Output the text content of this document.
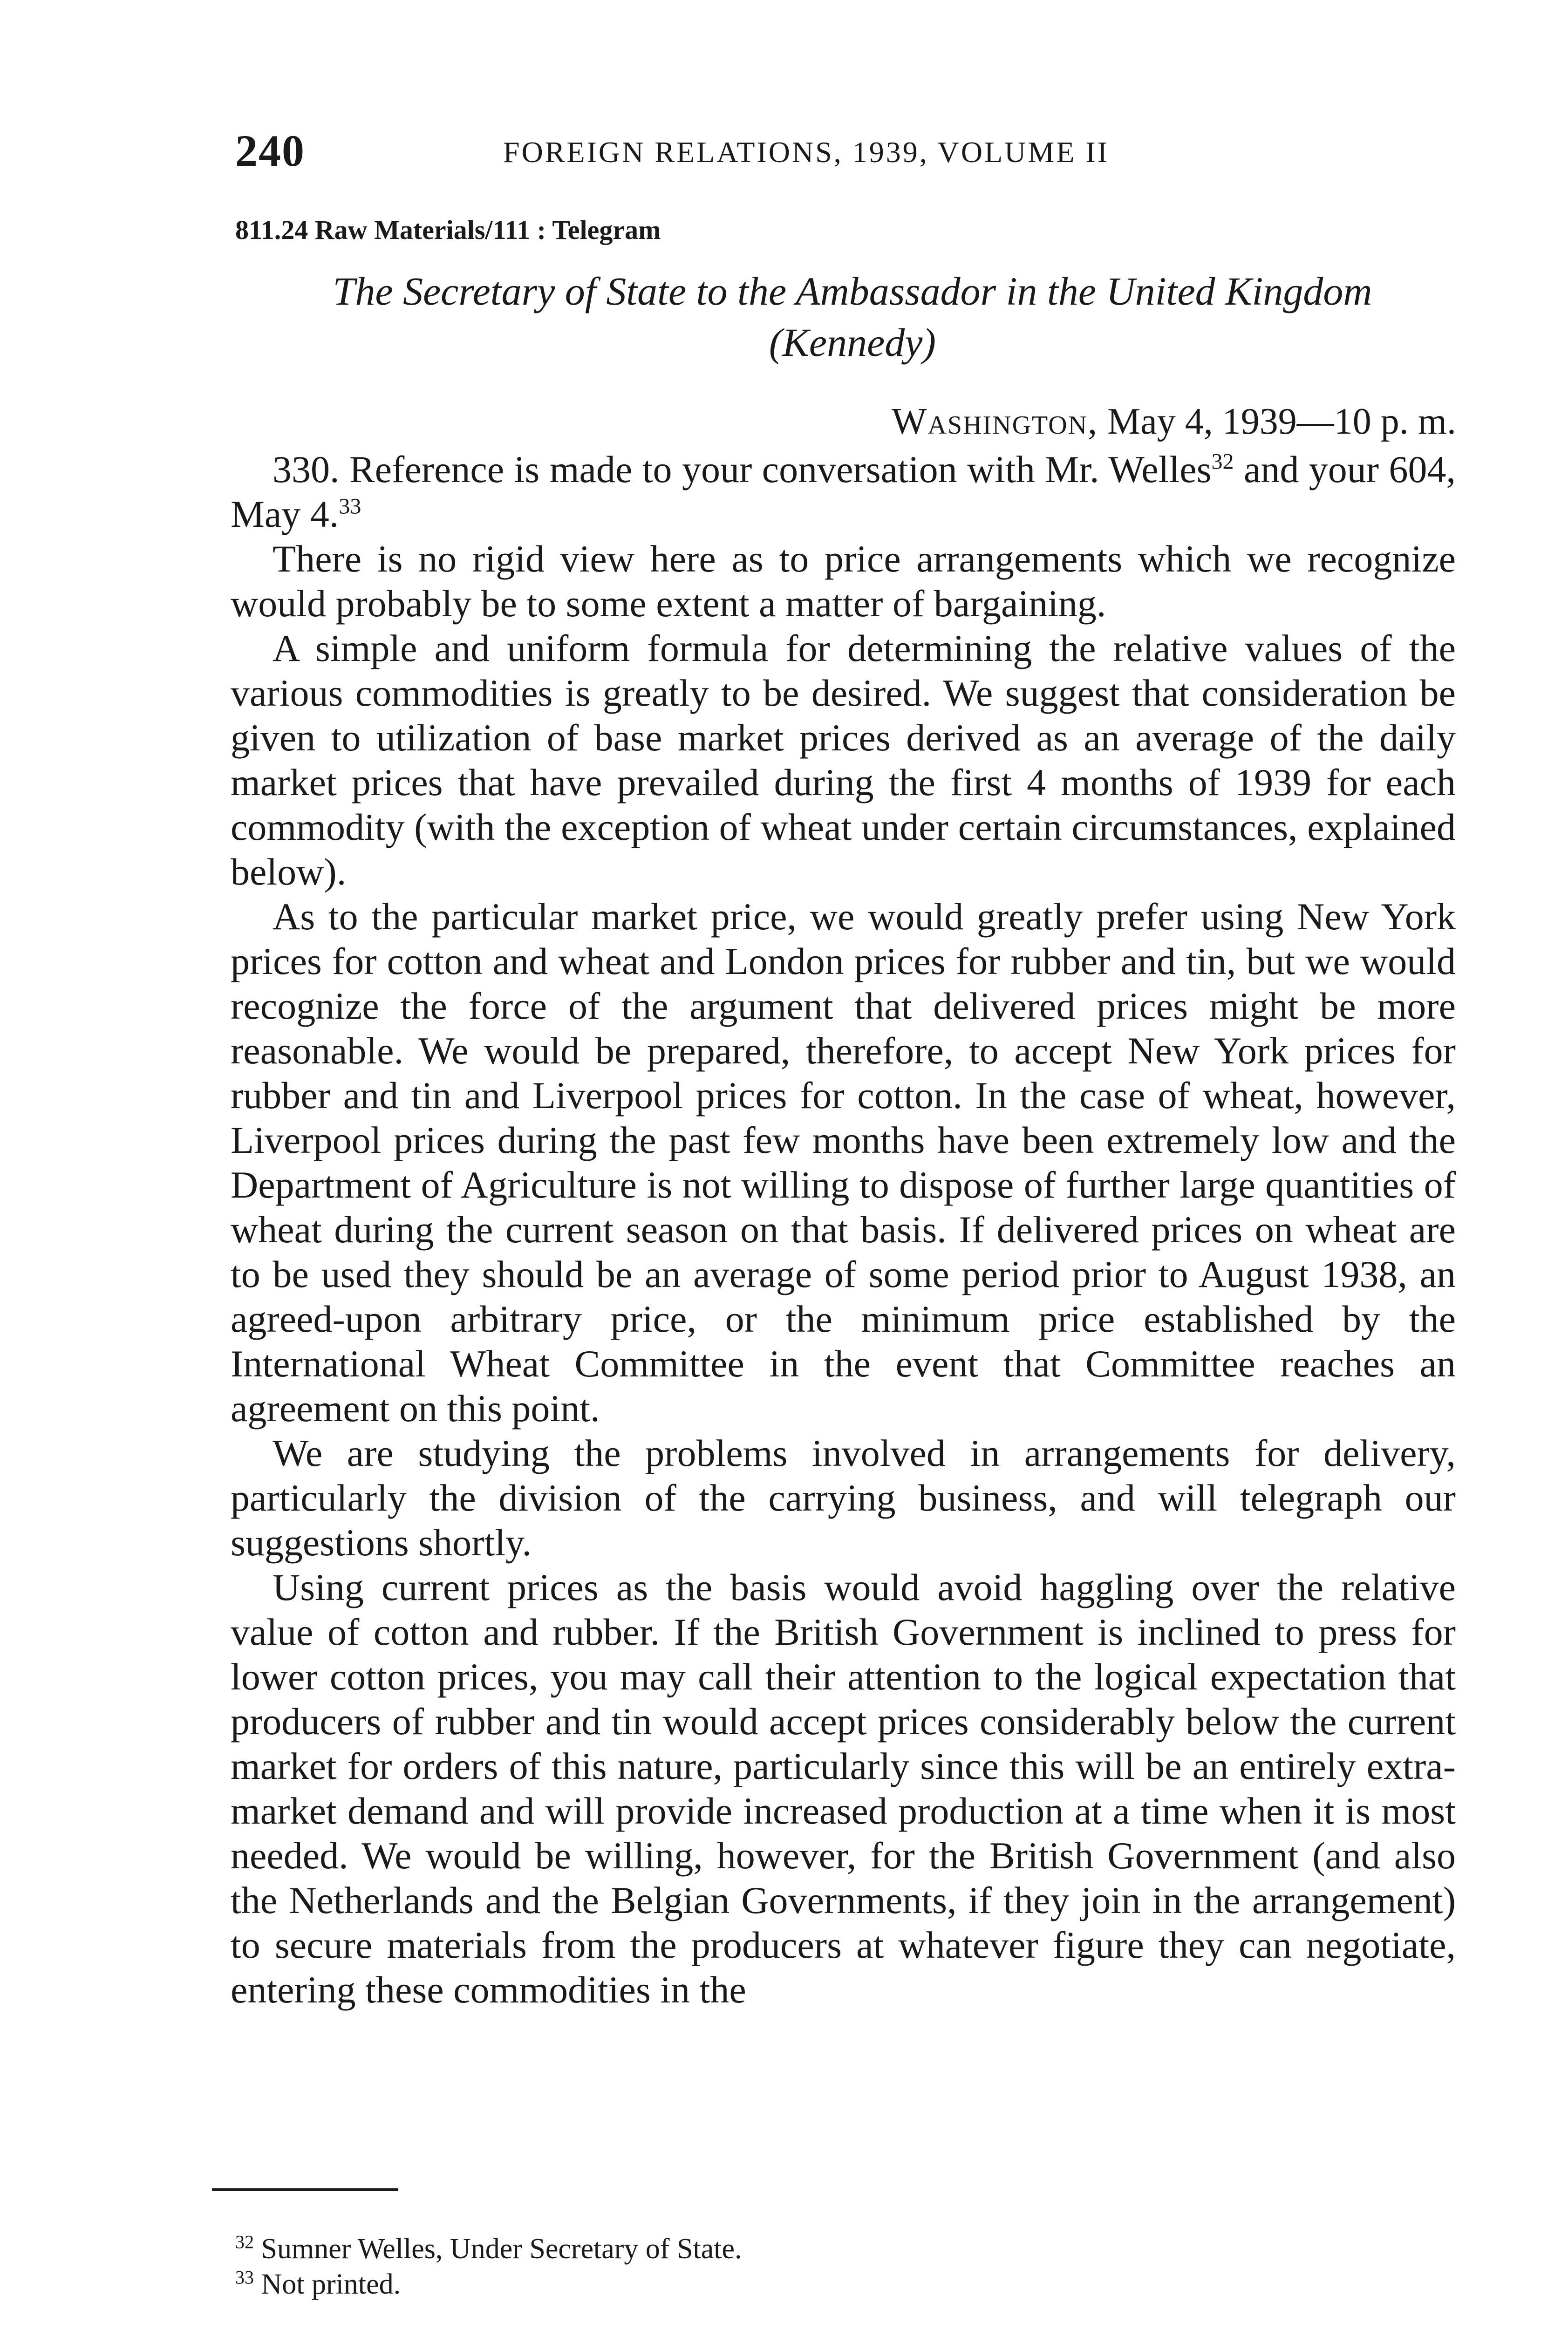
240	FOREIGN RELATIONS, 1939, VOLUME II
811.24 Raw Materials/111 : Telegram
The Secretary of State to the Ambassador in the United Kingdom
(Kennedy)
Washington, May 4, 1939—10 p. m.

330. Reference is made to your conversation with Mr. Welles$^{32}$ and your 604, May 4.33

There is no rigid view here as to price arrangements which we recognize would probably be to some extent a matter of bargaining.

A simple and uniform formula for determining the relative values of the various commodities is greatly to be desired. We suggest that consideration be given to utilization of base market prices derived as an average of the daily market prices that have prevailed during the first 4 months of 1939 for each commodity (with the exception of wheat under certain circumstances, explained below).

As to the particular market price, we would greatly prefer using New York prices for cotton and wheat and London prices for rubber and tin, but we would recognize the force of the argument that delivered prices might be more reasonable. We would be prepared, therefore, to accept New York prices for rubber and tin and Liverpool prices for cotton. In the case of wheat, however, Liverpool prices during the past few months have been extremely low and the Department of Agriculture is not willing to dispose of further large quantities of wheat during the current season on that basis. If delivered prices on wheat are to be used they should be an average of some period prior to August 1938, an agreed-upon arbitrary price, or the minimum price established by the International Wheat Committee in the event that Committee reaches an agreement on this point.

We are studying the problems involved in arrangements for delivery, particularly the division of the carrying business, and will telegraph our suggestions shortly.

Using current prices as the basis would avoid haggling over the relative value of cotton and rubber. If the British Government is inclined to press for lower cotton prices, you may call their attention to the logical expectation that producers of rubber and tin would accept prices considerably below the current market for orders of this nature, particularly since this will be an entirely extra-market demand and will provide increased production at a time when it is most needed. We would be willing, however, for the British Government (and also the Netherlands and the Belgian Governments, if they join in the arrangement) to secure materials from the producers at whatever figure they can negotiate, entering these commodities in the

$^{32}$ Sumner Welles, Under Secretary of State.
$^{33}$ Not printed.
